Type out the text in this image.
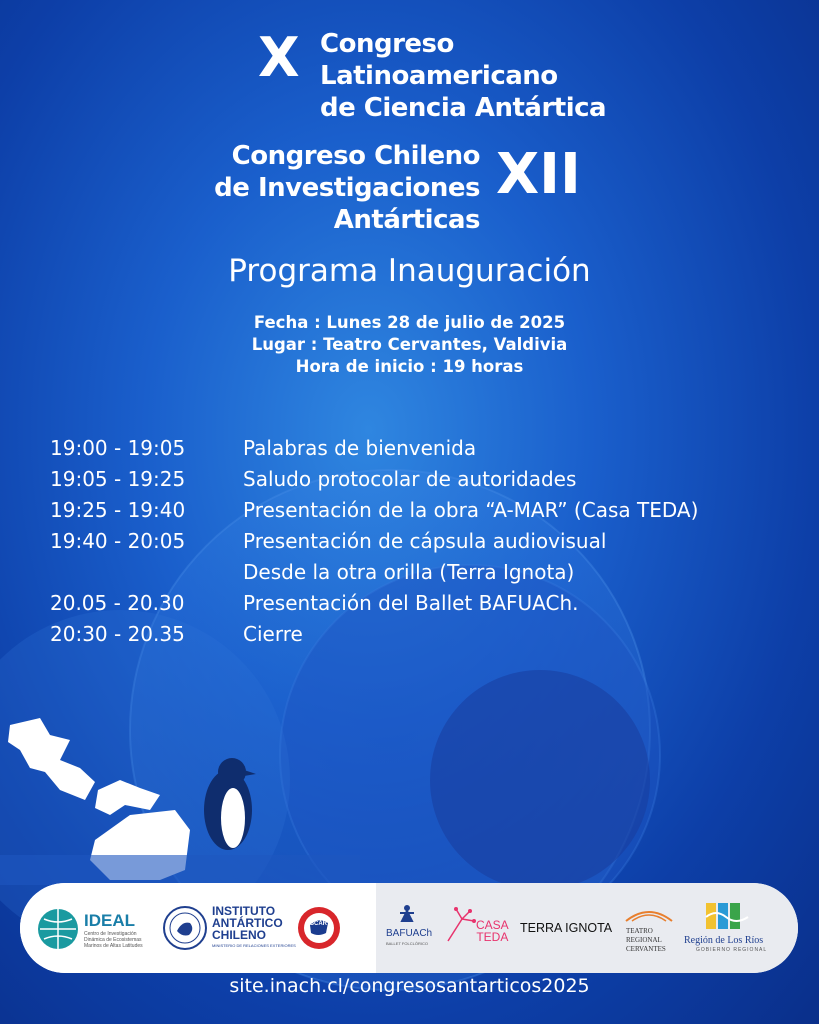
X Congreso
Latinoamericano
de Ciencia Antártica
Congreso Chileno
de Investigaciones
Antárticas
XII
Programa Inauguración
Fecha : Lunes 28 de julio de 2025
Lugar : Teatro Cervantes, Valdivia
Hora de inicio : 19 horas
19:00 - 19:05	Palabras de bienvenida
19:05 - 19:25	Saludo protocolar de autoridades
19:25 - 19:40	Presentación de la obra “A-MAR” (Casa TEDA)
19:40 - 20:05	Presentación de cápsula audiovisual
Desde la otra orilla (Terra Ignota)
20.05 - 20.30	Presentación del Ballet BAFUACh.
20:30 - 20.35	Cierre
IDEAL
Centro de Investigación Dinámica de Ecosistemas Marinos de Altas Latitudes
INSTITUTO
ANTÁRTICO
CHILENO
MINISTERIO DE RELACIONES EXTERIORES
SCAR
BAFUACh
BALLET FOLCLÓRICO
CASA
TEDA
TERRA IGNOTA TEATRO
REGIONAL
CERVANTES
Región de Los Ríos
GOBIERNO REGIONAL
site.inach.cl/congresosantarticos2025
